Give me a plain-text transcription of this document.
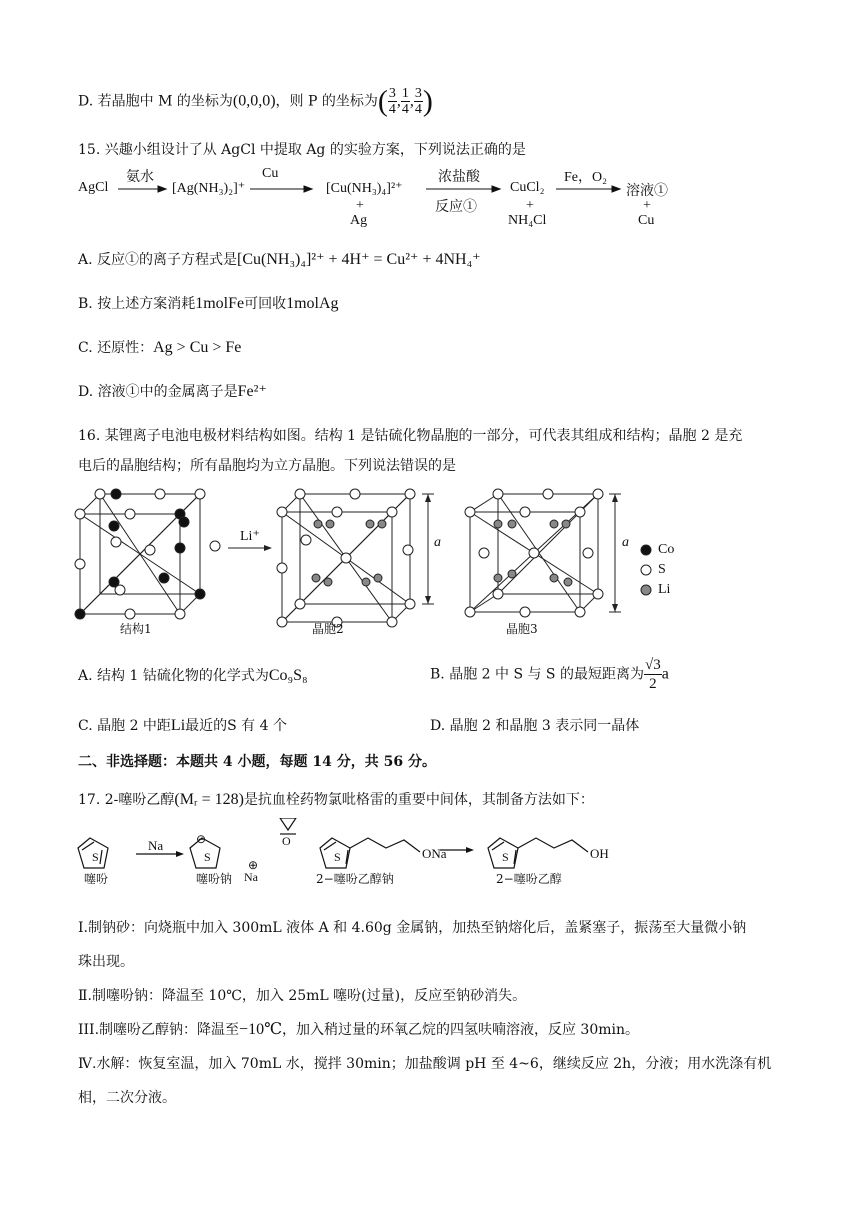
D. 若晶胞中 M 的坐标为(0,0,0)，则 P 的坐标为( $\frac{3}{4}$ , $\frac{1}{4}$ , $\frac{3}{4}$ )
15. 兴趣小组设计了从 AgCl 中提取 Ag 的实验方案，下列说法正确的是
AgCl
氨水
[Ag(NH₃)₂]⁺
Cu
[Cu(NH₃)₄]²⁺
+
Ag
浓盐酸
反应①
CuCl₂
+
NH₄Cl
Fe，O₂
溶液①
+
Cu
A. 反应①的离子方程式是[Cu(NH₃)₄]²⁺ + 4H⁺ = Cu²⁺ + 4NH₄⁺
B. 按上述方案消耗1molFe可回收1molAg
C. 还原性：Ag > Cu > Fe
D. 溶液①中的金属离子是Fe²⁺
16. 某锂离子电池电极材料结构如图。结构 1 是钴硫化物晶胞的一部分，可代表其组成和结构；晶胞 2 是充
电后的晶胞结构；所有晶胞均为立方晶胞。下列说法错误的是
结构1	晶胞2	晶胞3
Li⁺	a	a Co
S
Li
A. 结构 1 钴硫化物的化学式为Co₉S₈	B. 晶胞 2 中 S 与 S 的最短距离为 $\frac{√3}{2}$ a
C. 晶胞 2 中距Li最近的S 有 4 个	D. 晶胞 2 和晶胞 3 表示同一晶体
二、非选择题：本题共 4 小题，每题 14 分，共 56 分。
17. 2-噻吩乙醇(Mᵣ = 128)是抗血栓药物氯吡格雷的重要中间体，其制备方法如下：
S
Na
S
⊖
⊕
Na
O
S	ONa	S	OH
噻吩	噻吩钠	2−噻吩乙醇钠	2−噻吩乙醇
I.制钠砂：向烧瓶中加入 300mL 液体 A 和 4.60g 金属钠，加热至钠熔化后，盖紧塞子，振荡至大量微小钠
珠出现。
Ⅱ.制噻吩钠：降温至 10℃，加入 25mL 噻吩(过量)，反应至钠砂消失。
III.制噻吩乙醇钠：降温至−10℃，加入稍过量的环氧乙烷的四氢呋喃溶液，反应 30min。
Ⅳ.水解：恢复室温，加入 70mL 水，搅拌 30min；加盐酸调 pH 至 4~6，继续反应 2h，分液；用水洗涤有机
相，二次分液。
